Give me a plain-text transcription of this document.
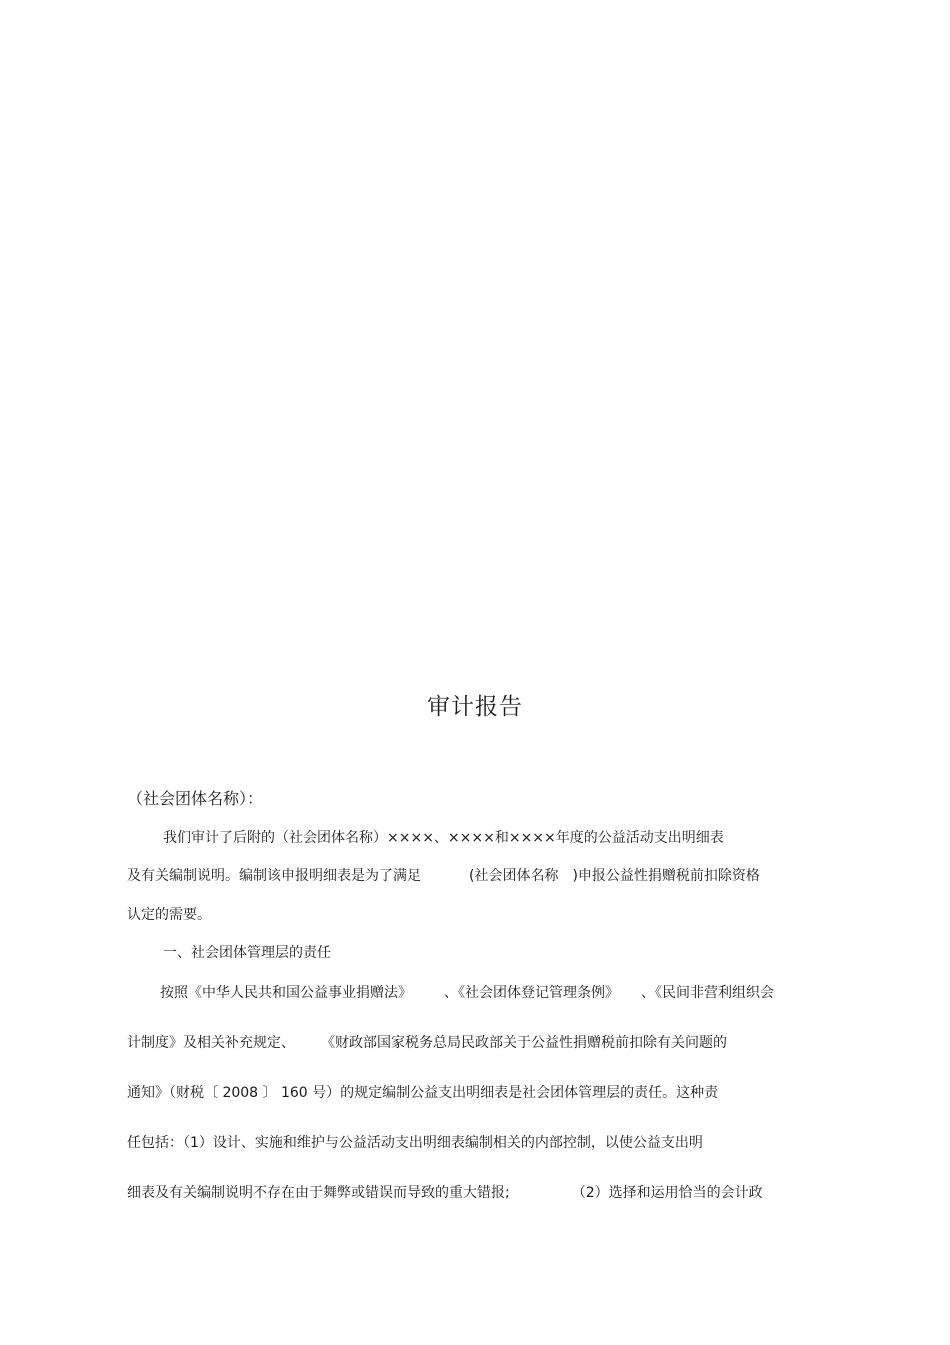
审计报告
（社会团体名称）：
我们审计了后附的（社会团体名称）××××、××××和××××年度的公益活动支出明细表
及有关编制说明。编制该申报明细表是为了满足	(社会团体名称 )申报公益性捐赠税前扣除资格
认定的需要。
一、社会团体管理层的责任
按照《中华人民共和国公益事业捐赠法》 、《社会团体登记管理条例》 、《民间非营利组织会
计制度》及相关补充规定、 《财政部国家税务总局民政部关于公益性捐赠税前扣除有关问题的
通知》（财税〔 2008 〕 160 号）的规定编制公益支出明细表是社会团体管理层的责任。这种责
任包括：（1）设计、实施和维护与公益活动支出明细表编制相关的内部控制，以使公益支出明
细表及有关编制说明不存在由于舞弊或错误而导致的重大错报;	（2）选择和运用恰当的会计政
